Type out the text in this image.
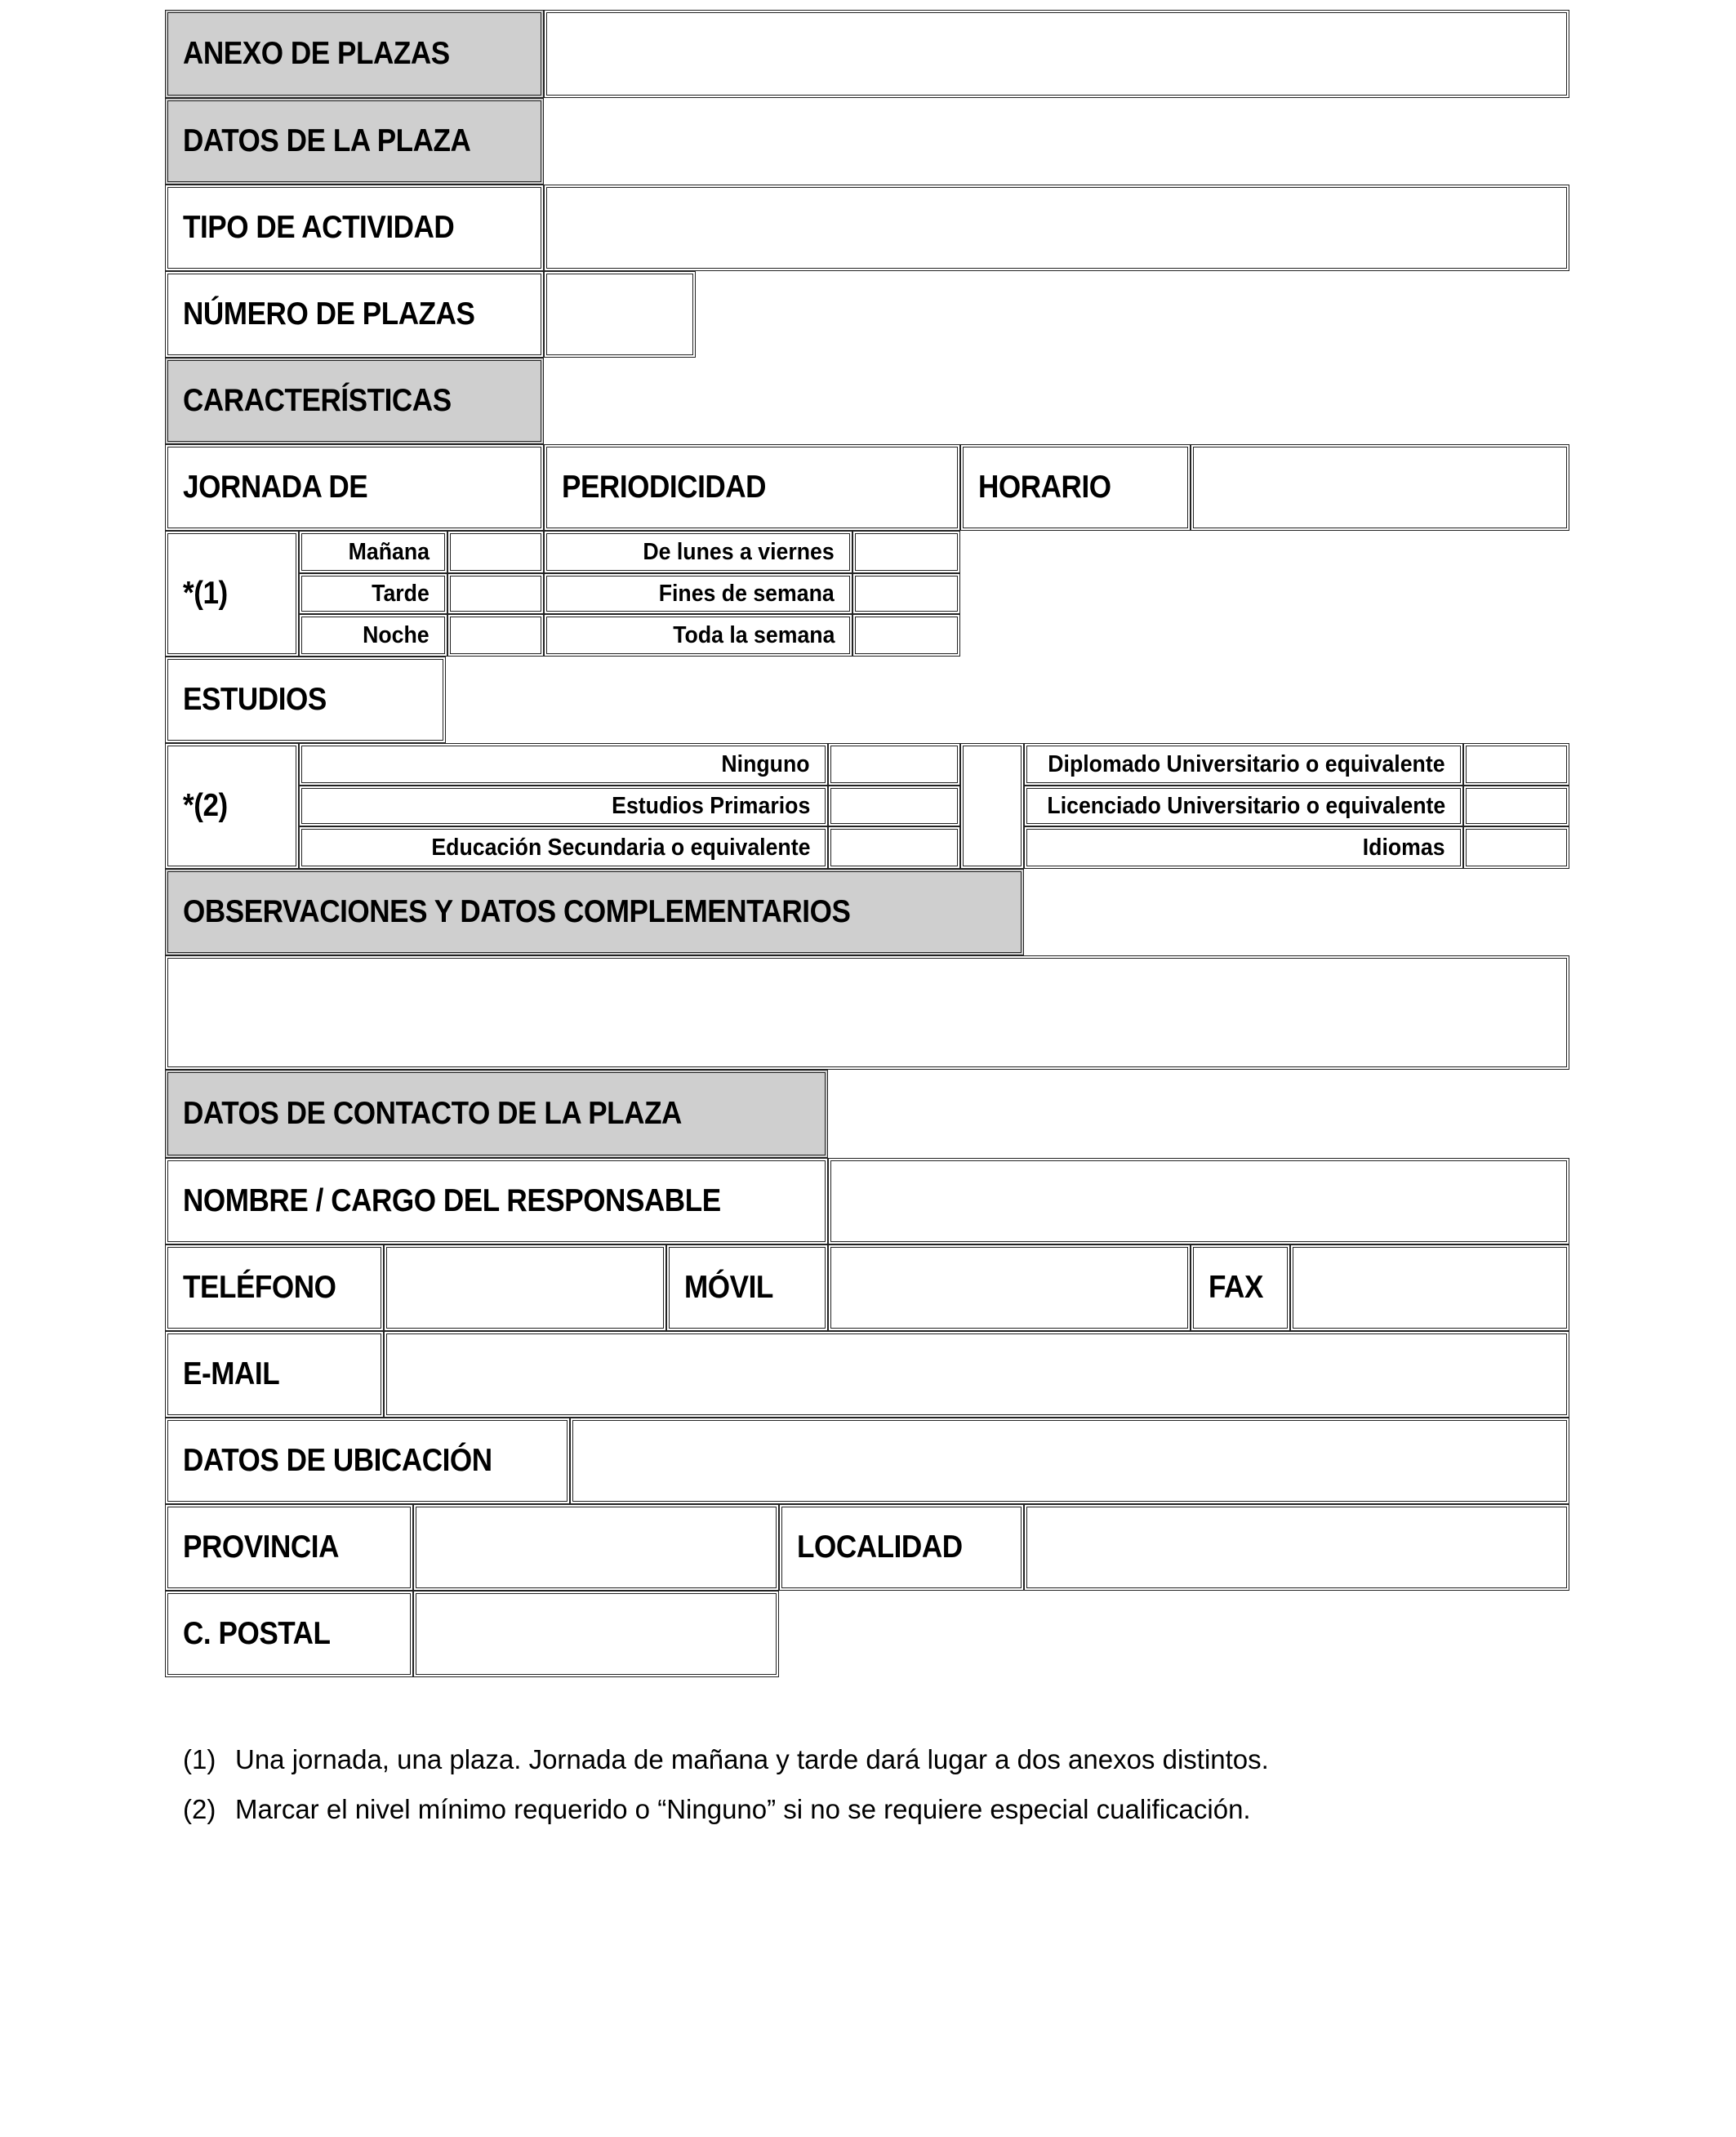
ANEXO DE PLAZAS
DATOS DE LA PLAZA
TIPO DE ACTIVIDAD
NÚMERO DE PLAZAS
CARACTERÍSTICAS
JORNADA DE	PERIODICIDAD	HORARIO
*(1)
Mañana	De lunes a viernes
Tarde	Fines de semana
Noche	Toda la semana
ESTUDIOS
*(2)
Ninguno	Diplomado Universitario o equivalente
Estudios Primarios	Licenciado Universitario o equivalente
Educación Secundaria o equivalente	Idiomas
OBSERVACIONES Y DATOS COMPLEMENTARIOS
DATOS DE CONTACTO DE LA PLAZA
NOMBRE / CARGO DEL RESPONSABLE
TELÉFONO	MÓVIL	FAX
E-MAIL
DATOS DE UBICACIÓN
PROVINCIA	LOCALIDAD
C. POSTAL
(1) Una jornada, una plaza. Jornada de mañana y tarde dará lugar a dos anexos distintos.
(2) Marcar el nivel mínimo requerido o “Ninguno” si no se requiere especial cualificación.
